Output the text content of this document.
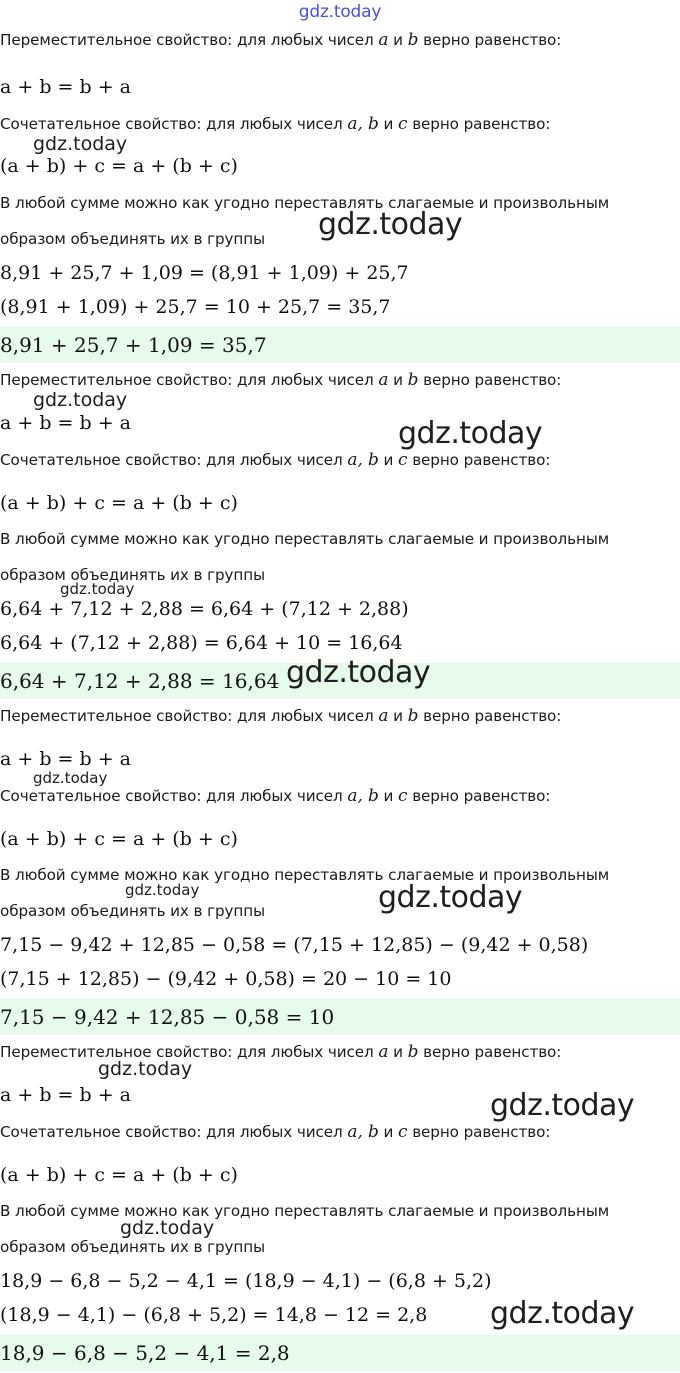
gdz.today
Переместительное свойство: для любых чисел a и b верно равенство:
a + b = b + a
Сочетательное свойство: для любых чисел a, b и c верно равенство:
(a + b) + c = a + (b + c)
В любой сумме можно как угодно переставлять слагаемые и произвольным
образом объединять их в группы
8,91 + 25,7 + 1,09 = (8,91 + 1,09) + 25,7
(8,91 + 1,09) + 25,7 = 10 + 25,7 = 35,7
8,91 + 25,7 + 1,09 = 35,7
Переместительное свойство: для любых чисел a и b верно равенство:
a + b = b + a
Сочетательное свойство: для любых чисел a, b и c верно равенство:
(a + b) + c = a + (b + c)
В любой сумме можно как угодно переставлять слагаемые и произвольным
образом объединять их в группы
6,64 + 7,12 + 2,88 = 6,64 + (7,12 + 2,88)
6,64 + (7,12 + 2,88) = 6,64 + 10 = 16,64
6,64 + 7,12 + 2,88 = 16,64
Переместительное свойство: для любых чисел a и b верно равенство:
a + b = b + a
Сочетательное свойство: для любых чисел a, b и c верно равенство:
(a + b) + c = a + (b + c)
В любой сумме можно как угодно переставлять слагаемые и произвольным
образом объединять их в группы
7,15 − 9,42 + 12,85 − 0,58 = (7,15 + 12,85) − (9,42 + 0,58)
(7,15 + 12,85) − (9,42 + 0,58) = 20 − 10 = 10
7,15 − 9,42 + 12,85 − 0,58 = 10
Переместительное свойство: для любых чисел a и b верно равенство:
a + b = b + a
Сочетательное свойство: для любых чисел a, b и c верно равенство:
(a + b) + c = a + (b + c)
В любой сумме можно как угодно переставлять слагаемые и произвольным
образом объединять их в группы
18,9 − 6,8 − 5,2 − 4,1 = (18,9 − 4,1) − (6,8 + 5,2)
(18,9 − 4,1) − (6,8 + 5,2) = 14,8 − 12 = 2,8
18,9 − 6,8 − 5,2 − 4,1 = 2,8
gdz.today
gdz.today
gdz.today
gdz.today
gdz.today
gdz.today
gdz.today
gdz.today	gdz.today
gdz.today
gdz.today
gdz.today
gdz.today
